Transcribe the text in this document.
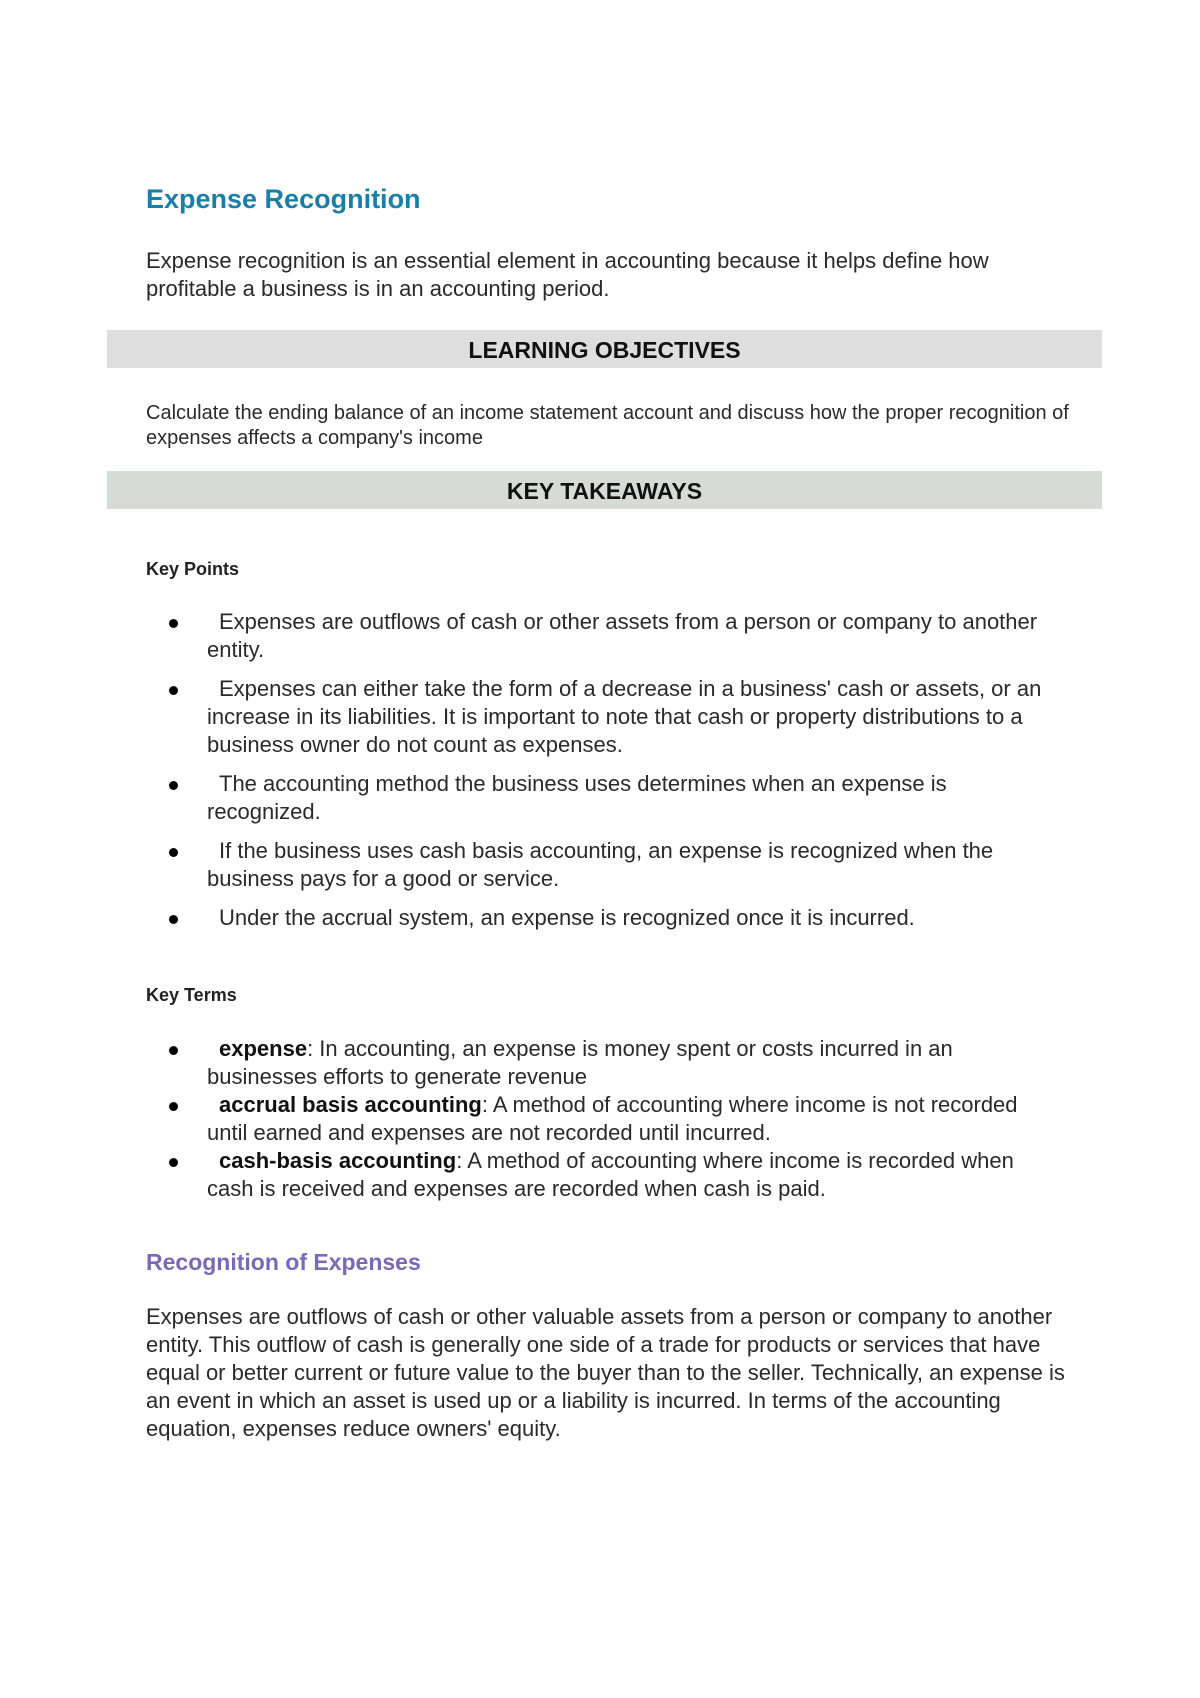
Expense Recognition

Expense recognition is an essential element in accounting because it helps define how profitable a business is in an accounting period.

LEARNING OBJECTIVES

Calculate the ending balance of an income statement account and discuss how the proper recognition of expenses affects a company's income

KEY TAKEAWAYS
Key Points
Expenses are outflows of cash or other assets from a person or company to another entity.
Expenses can either take the form of a decrease in a business' cash or assets, or an increase in its liabilities. It is important to note that cash or property distributions to a business owner do not count as expenses.
The accounting method the business uses determines when an expense is recognized.
If the business uses cash basis accounting, an expense is recognized when the business pays for a good or service.
Under the accrual system, an expense is recognized once it is incurred.
Key Terms
expense: In accounting, an expense is money spent or costs incurred in an businesses efforts to generate revenue
accrual basis accounting: A method of accounting where income is not recorded until earned and expenses are not recorded until incurred.
cash-basis accounting: A method of accounting where income is recorded when cash is received and expenses are recorded when cash is paid.
Recognition of Expenses

Expenses are outflows of cash or other valuable assets from a person or company to another entity. This outflow of cash is generally one side of a trade for products or services that have equal or better current or future value to the buyer than to the seller. Technically, an expense is an event in which an asset is used up or a liability is incurred. In terms of the accounting equation, expenses reduce owners' equity.
